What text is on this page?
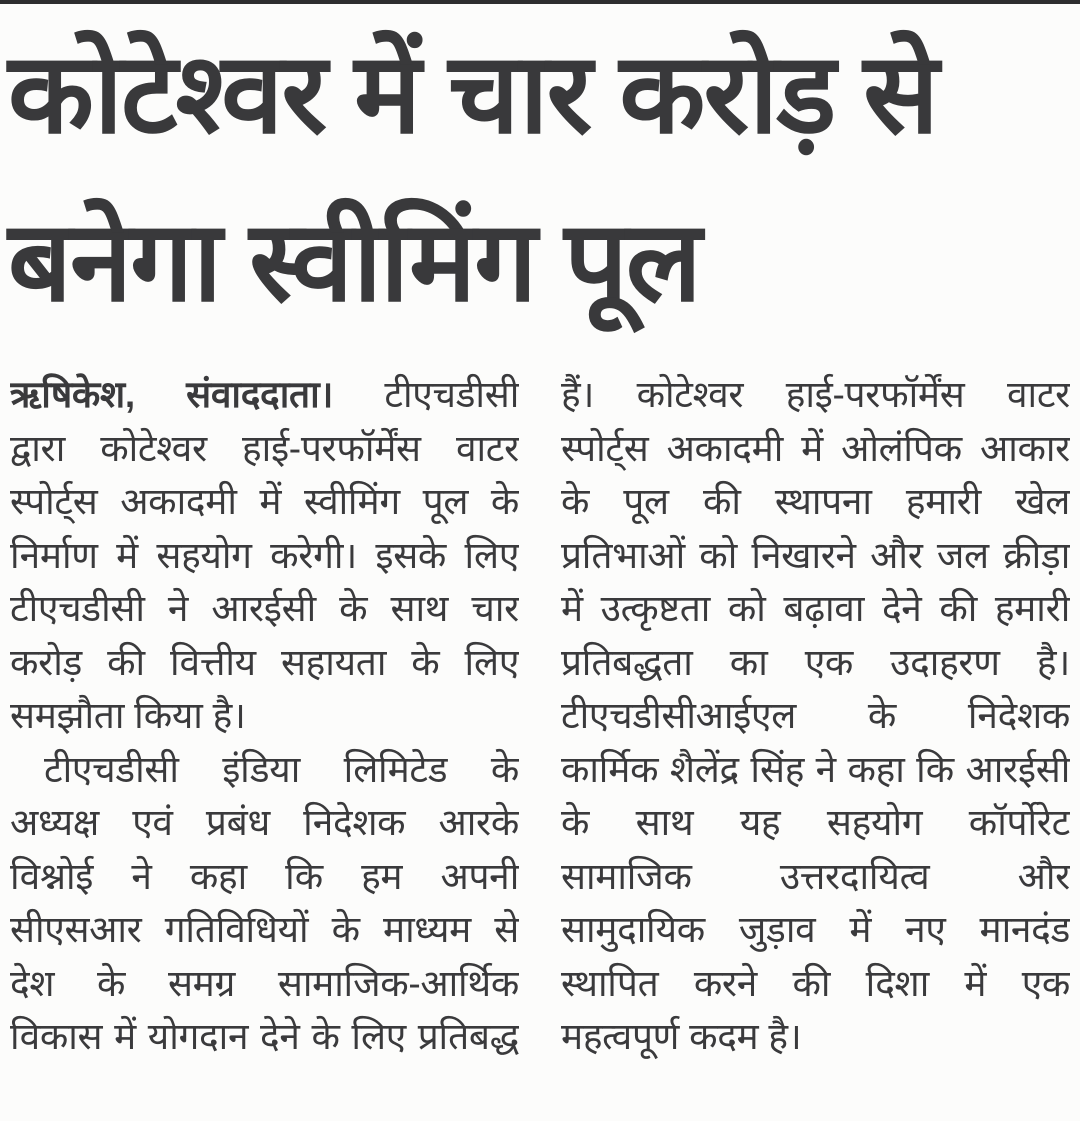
कोटेश्वर में चार करोड़ से
बनेगा स्वीमिंग पूल
ऋषिकेश, संवाददाता। टीएचडीसी
द्वारा कोटेश्वर हाई-परफॉर्मेंस वाटर
स्पोर्ट्स अकादमी में स्वीमिंग पूल के
निर्माण में सहयोग करेगी। इसके लिए
टीएचडीसी ने आरईसी के साथ चार
करोड़ की वित्तीय सहायता के लिए
समझौता किया है।
टीएचडीसी इंडिया लिमिटेड के
अध्यक्ष एवं प्रबंध निदेशक आरके
विश्नोई ने कहा कि हम अपनी
सीएसआर गतिविधियों के माध्यम से
देश के समग्र सामाजिक-आर्थिक
विकास में योगदान देने के लिए प्रतिबद्ध
हैं। कोटेश्वर हाई-परफॉर्मेंस वाटर
स्पोर्ट्स अकादमी में ओलंपिक आकार
के पूल की स्थापना हमारी खेल
प्रतिभाओं को निखारने और जल क्रीड़ा
में उत्कृष्टता को बढ़ावा देने की हमारी
प्रतिबद्धता का एक उदाहरण है।
टीएचडीसीआईएल के निदेशक
कार्मिक शैलेंद्र सिंह ने कहा कि आरईसी
के साथ यह सहयोग कॉर्पोरेट
सामाजिक उत्तरदायित्व और
सामुदायिक जुड़ाव में नए मानदंड
स्थापित करने की दिशा में एक
महत्वपूर्ण कदम है।
